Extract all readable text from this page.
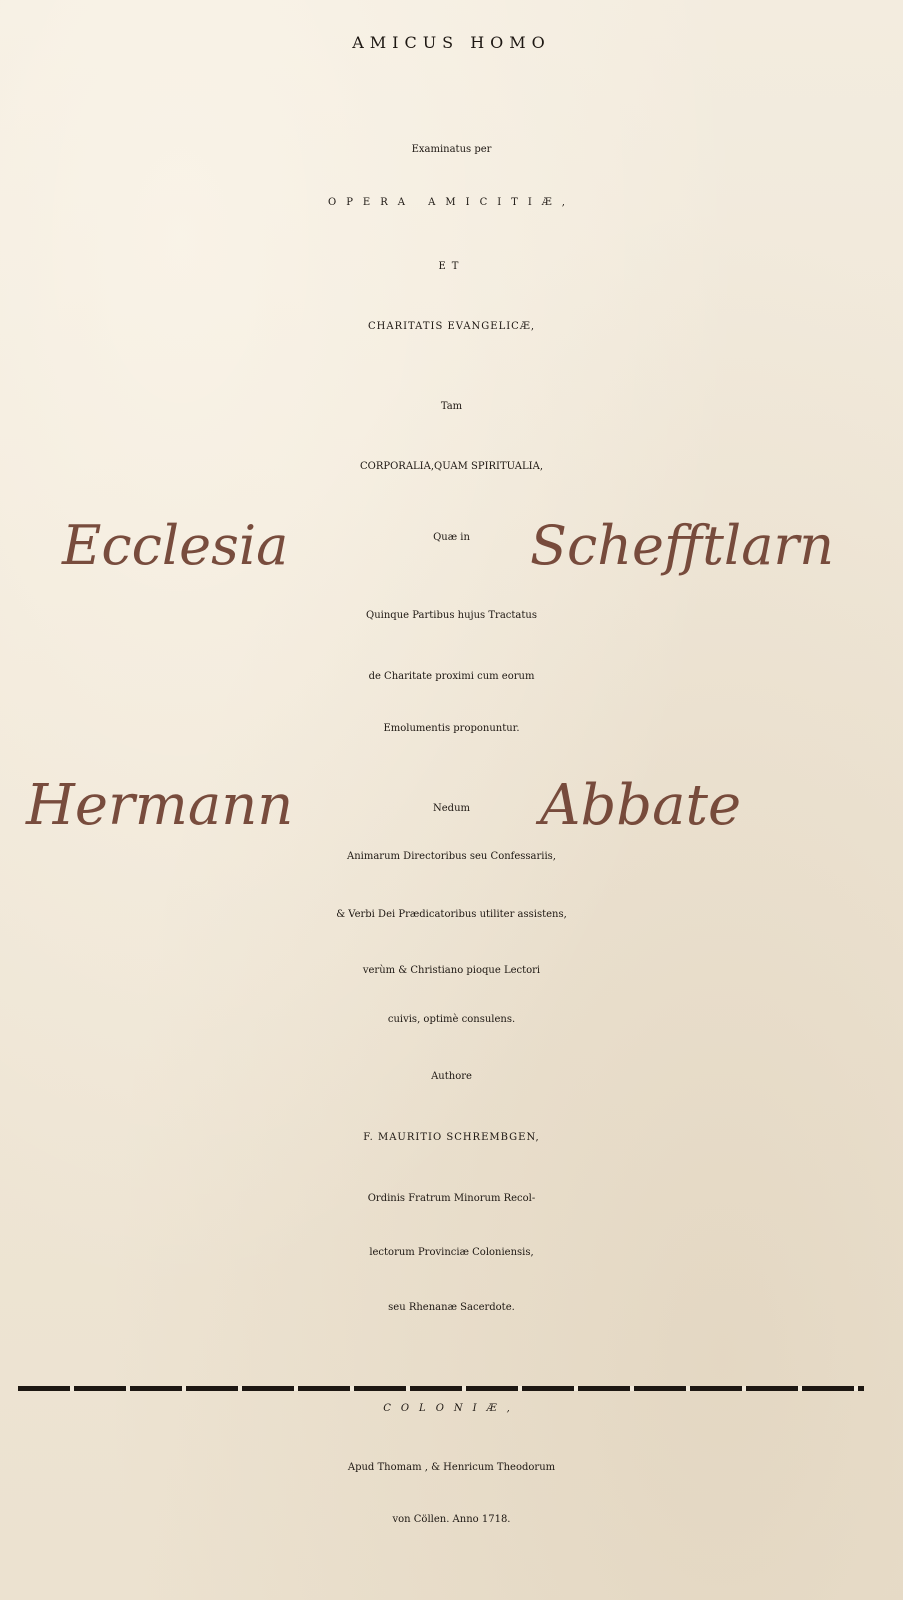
AMICUS HOMO
Examinatus per
OPERA AMICITIÆ,
ET
CHARITATIS EVANGELICÆ,
Tam
CORPORALIA,QUAM SPIRITUALIA,
Ecclesia	Quæ in	Schefftlarn
Quinque Partibus hujus Tractatus
de Charitate proximi cum eorum
Emolumentis proponuntur.
Hermann	Nedum	Abbate
Animarum Directoribus seu Confessariis,
& Verbi Dei Prædicatoribus utiliter assistens,
verùm & Christiano pioque Lectori
cuivis, optimè consulens.
Authore
F. MAURITIO SCHREMBGEN,
Ordinis Fratrum Minorum Recol-
lectorum Provinciæ Coloniensis,
seu Rhenanæ Sacerdote.
COLONIÆ,
Apud Thomam , & Henricum Theodorum
von Cöllen. Anno 1718.
